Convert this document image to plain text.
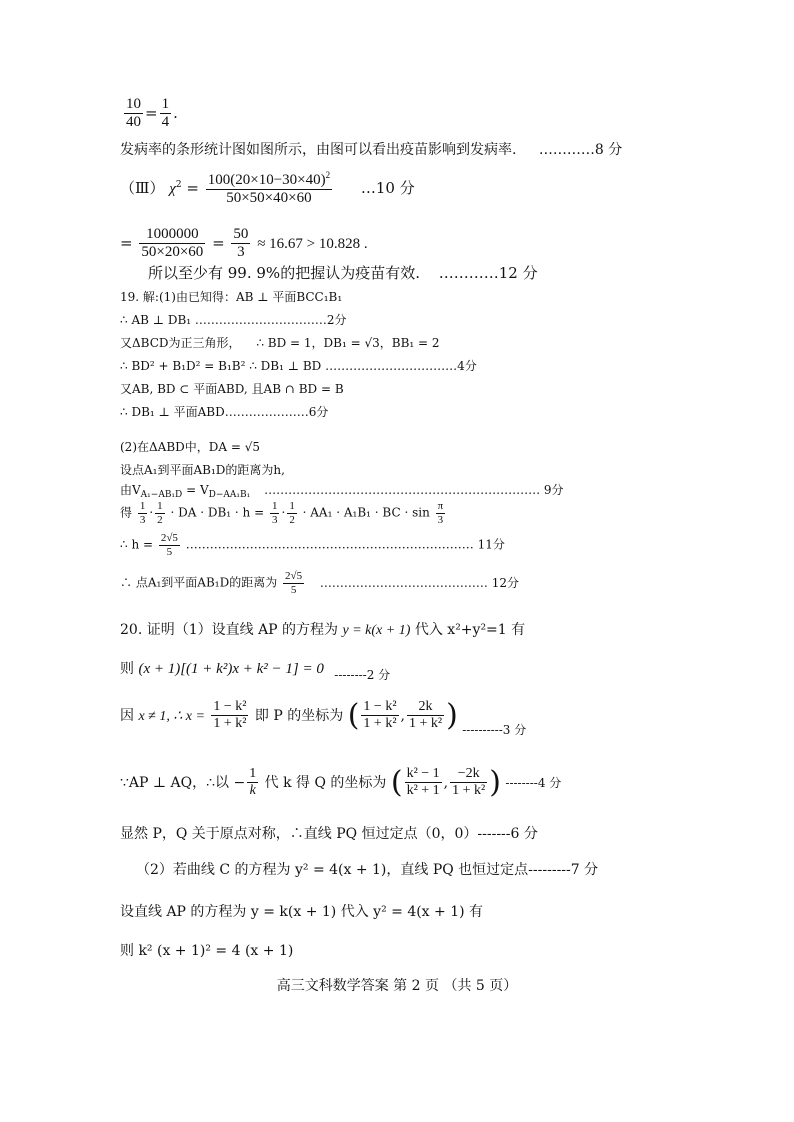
$\frac{10}{40} = \frac{1}{4}$ .
发病率的条形统计图如图所示，由图可以看出疫苗影响到发病率. …………8 分
（Ⅲ） $\chi^2 = \frac{100(20\times 10-30\times 40)^2}{50\times 50\times 40\times 60}$ …10 分
= $\frac{1000000}{50\times 20\times 60} = \frac{50}{3} \approx 16.67 > 10.828$ .
所以至少有 99. 9%的把握认为疫苗有效. …………12 分
19. 解:(1)由已知得：AB ⊥ 平面BCC₁B₁
∴ AB ⊥ DB₁ ……………………………2分
又ΔBCD为正三角形， ∴ BD = 1，DB₁ = √3，BB₁ = 2
∴ BD² + B₁D² = B₁B² ∴ DB₁ ⊥ BD ……………………………4分
又AB, BD ⊂ 平面ABD, 且AB ∩ BD = B
∴ DB₁ ⊥ 平面ABD…………………6分
(2)在ΔABD中，DA = √5
设点A₁到平面AB₁D的距离为h,
由$V_{A_1-AB_1D} = V_{D-AA_1B_1}$ …………………………………………………………… 9分
得 $\frac{1}{3} \cdot \frac{1}{2}$ · DA · $DB_1 \cdot h = \frac{1}{3} \cdot \frac{1}{2} \cdot AA_1 \cdot A_1B_1$ · BC · $\sin \frac{\pi}{3}$
∴ $h = \frac{2√5}{5}$ ……………………………………………………………… 11分
∴ 点A₁到平面AB₁D的距离为 $\frac{2√5}{5}$ …………………………………… 12分
20. 证明（1）设直线 AP 的方程为 y = k(x + 1) 代入 x²+y²=1 有
则 (x + 1)[(1 + k²)x + k² − 1] = 0 --------2 分
因 x ≠ 1, ∴ $x = \frac{\text{1 − k²}}{\text{1 + k²}}$ 即 P 的坐标为 ( $\frac{\text{1 − k²}}{\text{1 + k²}}$ , $\frac{2k}{\text{1 + k²}}$ ) ----------3 分
∵AP ⊥ AQ，∴以 − $\frac{1}{k}$ 代 k 得 Q 的坐标为 ( $\frac{\text{k² − 1}}{\text{k² + 1}}$ , $\frac{-2k}{\text{1 + k²}}$ ) --------4 分
显然 P，Q 关于原点对称，∴直线 PQ 恒过定点（0，0）-------6 分
（2）若曲线 C 的方程为 y² = 4(x + 1)，直线 PQ 也恒过定点---------7 分
设直线 AP 的方程为 y = k(x + 1) 代入 y² = 4(x + 1) 有
则 k² (x + 1)² = 4 (x + 1)
高三文科数学答案 第 2 页 （共 5 页）
